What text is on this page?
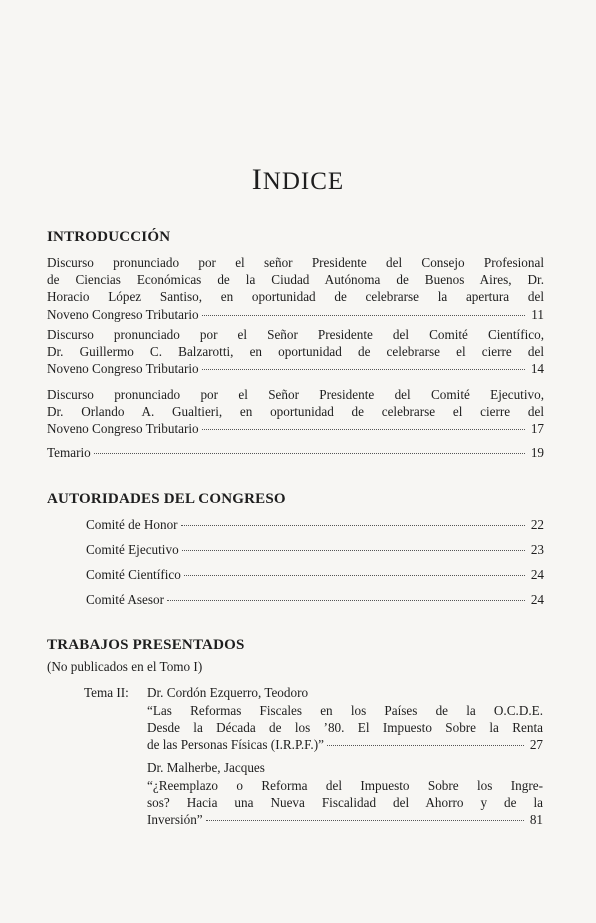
INDICE
INTRODUCCIÓN
Discurso pronunciado por el señor Presidente del Consejo Profesional
de Ciencias Económicas de la Ciudad Autónoma de Buenos Aires, Dr.
Horacio López Santiso, en oportunidad de celebrarse la apertura del
Noveno Congreso Tributario	11
Discurso pronunciado por el Señor Presidente del Comité Científico,
Dr. Guillermo C. Balzarotti, en oportunidad de celebrarse el cierre del
Noveno Congreso Tributario	14
Discurso pronunciado por el Señor Presidente del Comité Ejecutivo,
Dr. Orlando A. Gualtieri, en oportunidad de celebrarse el cierre del
Noveno Congreso Tributario	17
Temario	19
AUTORIDADES DEL CONGRESO
Comité de Honor	22
Comité Ejecutivo	23
Comité Científico	24
Comité Asesor	24
TRABAJOS PRESENTADOS
(No publicados en el Tomo I)
Tema II: Dr. Cordón Ezquerro, Teodoro
“Las Reformas Fiscales en los Países de la O.C.D.E.
Desde la Década de los ’80. El Impuesto Sobre la Renta
de las Personas Físicas (I.R.P.F.)”	27
Dr. Malherbe, Jacques
“¿Reemplazo o Reforma del Impuesto Sobre los Ingre-
sos? Hacia una Nueva Fiscalidad del Ahorro y de la
Inversión”	81
